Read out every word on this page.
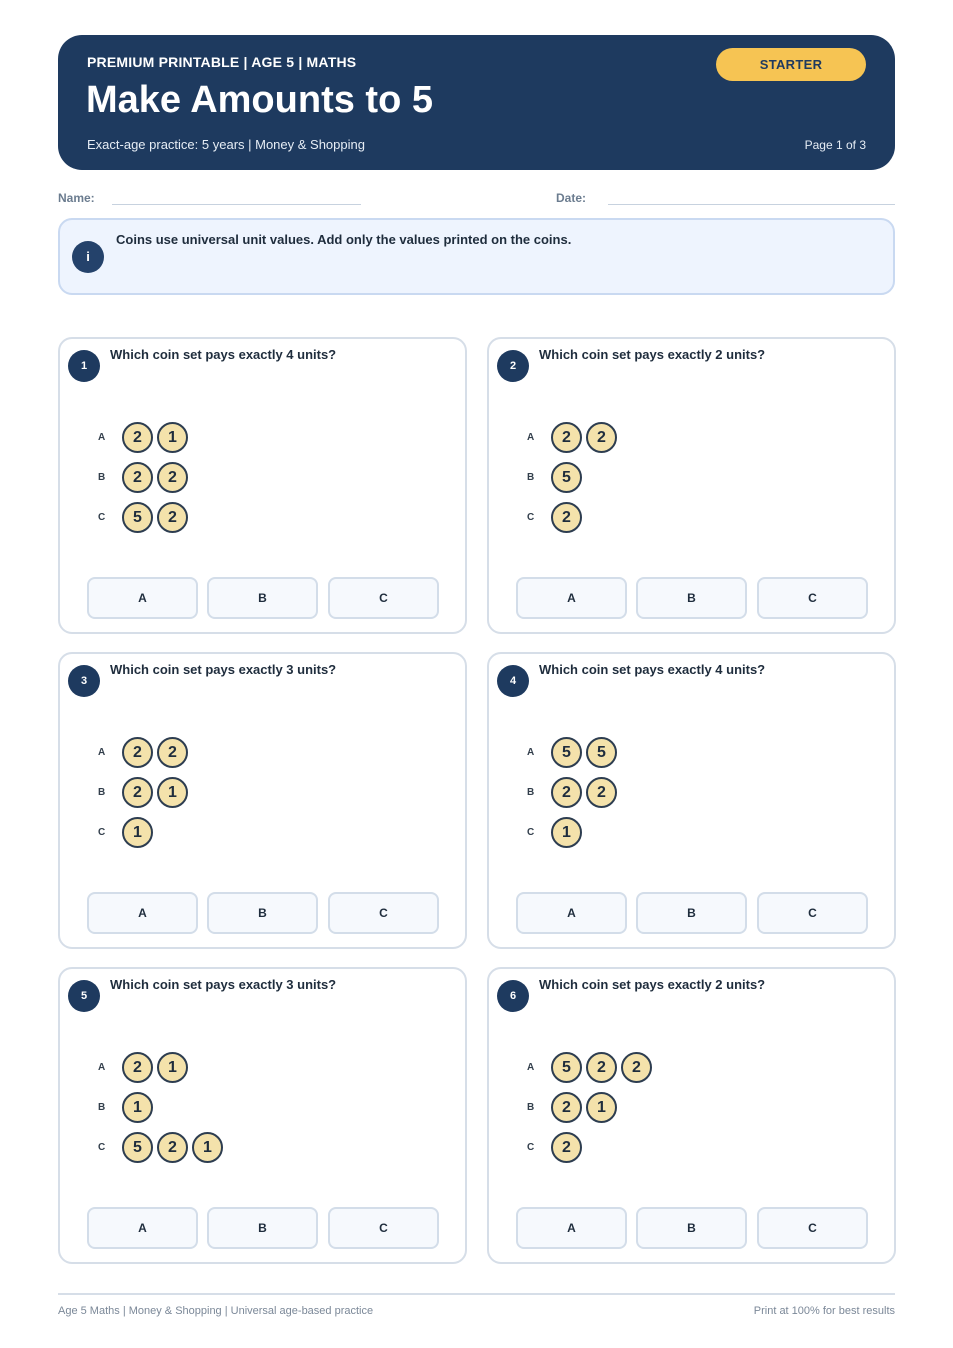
PREMIUM PRINTABLE | AGE 5 | MATHS
Make Amounts to 5
Exact-age practice: 5 years | Money & Shopping	Page 1 of 3
STARTER
Name:	Date:
i
Coins use universal unit values. Add only the values printed on the coins.
1
Which coin set pays exactly 4 units?
A	2	1
B	2	2
C	5	2
A	B	C
2
Which coin set pays exactly 2 units?
A	2	2
B	5
C	2
A	B	C
3
Which coin set pays exactly 3 units?
A	2	2
B	2	1
C	1
A	B	C
4
Which coin set pays exactly 4 units?
A	5	5
B	2	2
C	1
A	B	C
5
Which coin set pays exactly 3 units?
A	2	1
B	1
C	5	2	1
A	B	C
6
Which coin set pays exactly 2 units?
A	5	2	2
B	2	1
C	2
A	B	C
Age 5 Maths | Money & Shopping | Universal age-based practice	Print at 100% for best results
